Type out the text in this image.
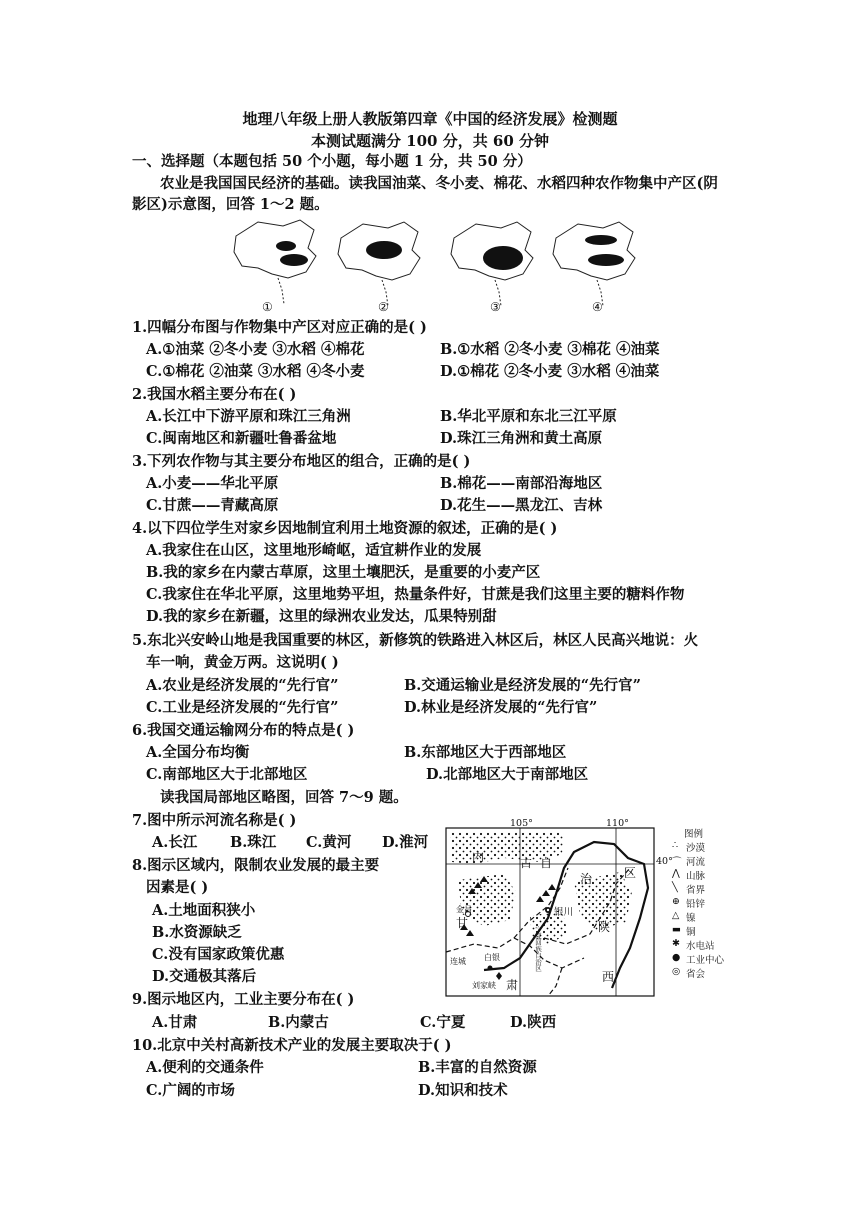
地理八年级上册人教版第四章《中国的经济发展》检测题
本测试题满分 100 分，共 60 分钟
一、选择题（本题包括 50 个小题，每小题 1 分，共 50 分）
农业是我国国民经济的基础。读我国油菜、冬小麦、棉花、水稻四种农作物集中产区(阴
影区)示意图，回答 1～2 题。
①	②	③	④
1.四幅分布图与作物集中产区对应正确的是( )
A.①油菜 ②冬小麦 ③水稻 ④棉花	B.①水稻 ②冬小麦 ③棉花 ④油菜
C.①棉花 ②油菜 ③水稻 ④冬小麦	D.①棉花 ②冬小麦 ③水稻 ④油菜
2.我国水稻主要分布在( )
A.长江中下游平原和珠江三角洲	B.华北平原和东北三江平原
C.闽南地区和新疆吐鲁番盆地	D.珠江三角洲和黄土高原
3.下列农作物与其主要分布地区的组合，正确的是( )
A.小麦——华北平原	B.棉花——南部沿海地区
C.甘蔗——青藏高原	D.花生——黑龙江、吉林
4.以下四位学生对家乡因地制宜利用土地资源的叙述，正确的是( )
A.我家住在山区，这里地形崎岖，适宜耕作业的发展
B.我的家乡在内蒙古草原，这里土壤肥沃，是重要的小麦产区
C.我家住在华北平原，这里地势平坦，热量条件好，甘蔗是我们这里主要的糖料作物
D.我的家乡在新疆，这里的绿洲农业发达，瓜果特别甜
5.东北兴安岭山地是我国重要的林区，新修筑的铁路进入林区后，林区人民高兴地说：火
车一响，黄金万两。这说明( )
A.农业是经济发展的“先行官”	B.交通运输业是经济发展的“先行官”
C.工业是经济发展的“先行官”	D.林业是经济发展的“先行官”
6.我国交通运输网分布的特点是( )
A.全国分布均衡	B.东部地区大于西部地区
C.南部地区大于北部地区	D.北部地区大于南部地区
读我国局部地区略图，回答 7～9 题。
7.图中所示河流名称是( )
A.长江 B.珠江 C.黄河 D.淮河
8.图示区域内，限制农业发展的最主要
因素是( )
A.土地面积狭小
B.水资源缺乏
C.没有国家政策优惠
D.交通极其落后
9.图示地区内，工业主要分布在( )
A.甘肃	B.内蒙古	C.宁夏	D.陕西
10.北京中关村高新技术产业的发展主要取决于( )
A.便利的交通条件	B.丰富的自然资源
C.广阔的市场	D.知识和技术
105°	110°
40°
内	古 自
治	区
甘
肃
陕
西
银川
金昌
白银
连城
刘家峡
宁夏回族自治区
图例
∴ 沙漠
⌒ 河流
⋀ 山脉
╲ 省界
⊕ 铅锌
△ 镍
▬ 铜
✱ 水电站
● 工业中心
◎ 省会
